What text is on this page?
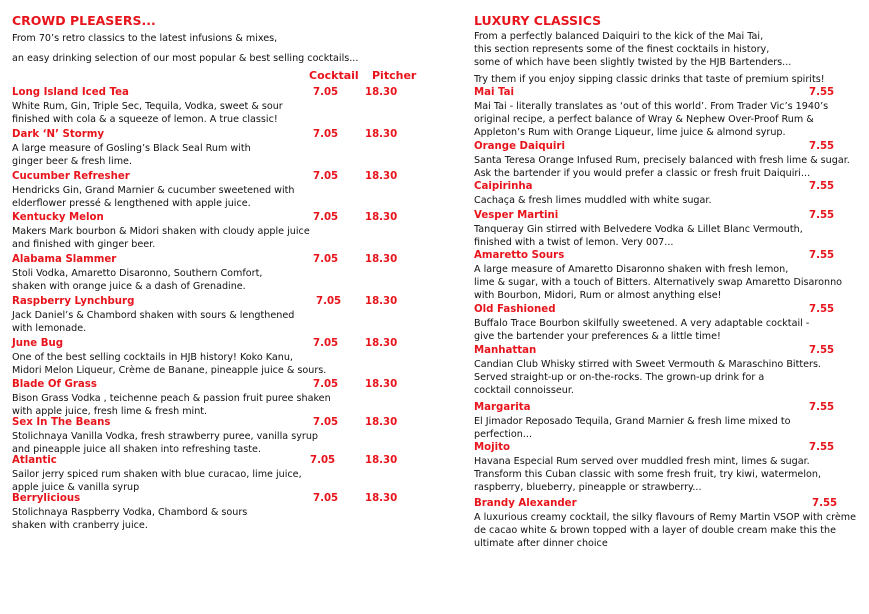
CROWD PLEASERS...
From 70’s retro classics to the latest infusions & mixes,
an easy drinking selection of our most popular & best selling cocktails...
Cocktail Pitcher
Long Island Iced Tea	7.05	18.30
White Rum, Gin, Triple Sec, Tequila, Vodka, sweet & sour
finished with cola & a squeeze of lemon. A true classic!
Dark ‘N’ Stormy	7.05	18.30
A large measure of Gosling’s Black Seal Rum with
ginger beer & fresh lime.
Cucumber Refresher	7.05	18.30
Hendricks Gin, Grand Marnier & cucumber sweetened with
elderflower pressé & lengthened with apple juice.
Kentucky Melon	7.05	18.30
Makers Mark bourbon & Midori shaken with cloudy apple juice
and finished with ginger beer.
Alabama Slammer	7.05	18.30
Stoli Vodka, Amaretto Disaronno, Southern Comfort,
shaken with orange juice & a dash of Grenadine.
Raspberry Lynchburg	7.05 18.30
Jack Daniel’s & Chambord shaken with sours & lengthened
with lemonade.
June Bug	7.05	18.30
One of the best selling cocktails in HJB history! Koko Kanu,
Midori Melon Liqueur, Crème de Banane, pineapple juice & sours.
Blade Of Grass	7.05	18.30
Bison Grass Vodka , teichenne peach & passion fruit puree shaken
with apple juice, fresh lime & fresh mint.
Sex In The Beans	7.05	18.30
Stolichnaya Vanilla Vodka, fresh strawberry puree, vanilla syrup
and pineapple juice all shaken into refreshing taste.
Atlantic	7.05	18.30
Sailor jerry spiced rum shaken with blue curacao, lime juice,
apple juice & vanilla syrup
Berrylicious	7.05	18.30
Stolichnaya Raspberry Vodka, Chambord & sours
shaken with cranberry juice.
LUXURY CLASSICS
From a perfectly balanced Daiquiri to the kick of the Mai Tai,
this section represents some of the finest cocktails in history,
some of which have been slightly twisted by the HJB Bartenders...
Try them if you enjoy sipping classic drinks that taste of premium spirits!
Mai Tai	7.55
Mai Tai - literally translates as ‘out of this world’. From Trader Vic’s 1940’s
original recipe, a perfect balance of Wray & Nephew Over-Proof Rum &
Appleton’s Rum with Orange Liqueur, lime juice & almond syrup.
Orange Daiquiri	7.55
Santa Teresa Orange Infused Rum, precisely balanced with fresh lime & sugar.
Ask the bartender if you would prefer a classic or fresh fruit Daiquiri...
Caipirinha	7.55
Cachaça & fresh limes muddled with white sugar.
Vesper Martini	7.55
Tanqueray Gin stirred with Belvedere Vodka & Lillet Blanc Vermouth,
finished with a twist of lemon. Very 007...
Amaretto Sours	7.55
A large measure of Amaretto Disaronno shaken with fresh lemon,
lime & sugar, with a touch of Bitters. Alternatively swap Amaretto Disaronno
with Bourbon, Midori, Rum or almost anything else!
Old Fashioned	7.55
Buffalo Trace Bourbon skilfully sweetened. A very adaptable cocktail -
give the bartender your preferences & a little time!
Manhattan	7.55
Candian Club Whisky stirred with Sweet Vermouth & Maraschino Bitters.
Served straight-up or on-the-rocks. The grown-up drink for a
cocktail connoisseur.
Margarita	7.55
El Jimador Reposado Tequila, Grand Marnier & fresh lime mixed to
perfection...
Mojito	7.55
Havana Especial Rum served over muddled fresh mint, limes & sugar.
Transform this Cuban classic with some fresh fruit, try kiwi, watermelon,
raspberry, blueberry, pineapple or strawberry...
Brandy Alexander	7.55
A luxurious creamy cocktail, the silky flavours of Remy Martin VSOP with crème
de cacao white & brown topped with a layer of double cream make this the
ultimate after dinner choice
